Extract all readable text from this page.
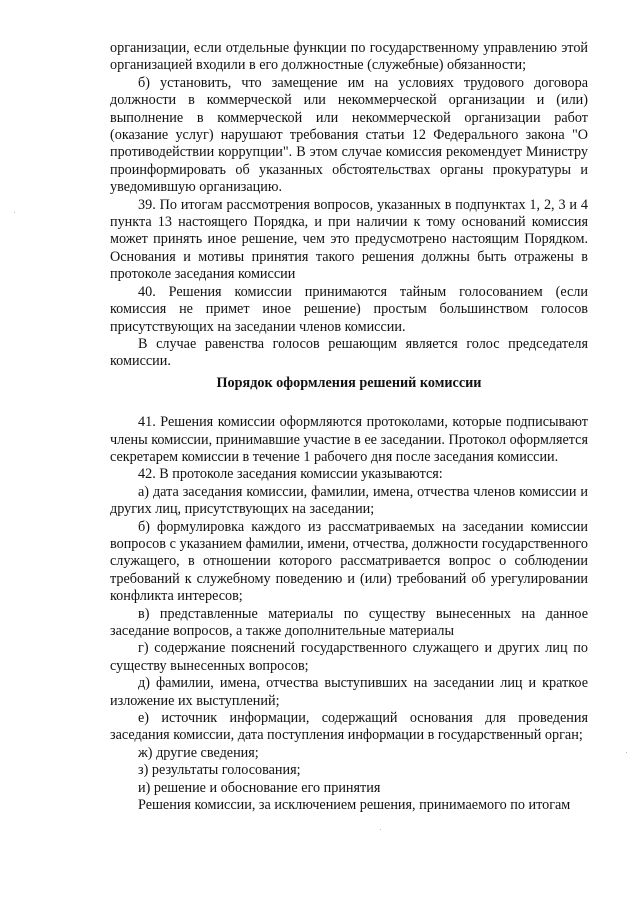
организации, если отдельные функции по государственному управлению этой организацией входили в его должностные (служебные) обязанности;

б) установить, что замещение им на условиях трудового договора должности в коммерческой или некоммерческой организации и (или) выполнение в коммерческой или некоммерческой организации работ (оказание услуг) нарушают требования статьи 12 Федерального закона "О противодействии коррупции". В этом случае комиссия рекомендует Министру проинформировать об указанных обстоятельствах органы прокуратуры и уведомившую организацию.

39. По итогам рассмотрения вопросов, указанных в подпунктах 1, 2, 3 и 4 пункта 13 настоящего Порядка, и при наличии к тому оснований комиссия может принять иное решение, чем это предусмотрено настоящим Порядком. Основания и мотивы принятия такого решения должны быть отражены в протоколе заседания комиссии

40. Решения комиссии принимаются тайным голосованием (если комиссия не примет иное решение) простым большинством голосов присутствующих на заседании членов комиссии.

В случае равенства голосов решающим является голос председателя комиссии.

Порядок оформления решений комиссии

41. Решения комиссии оформляются протоколами, которые подписывают члены комиссии, принимавшие участие в ее заседании. Протокол оформляется секретарем комиссии в течение 1 рабочего дня после заседания комиссии.

42. В протоколе заседания комиссии указываются:

а) дата заседания комиссии, фамилии, имена, отчества членов комиссии и других лиц, присутствующих на заседании;

б) формулировка каждого из рассматриваемых на заседании комиссии вопросов с указанием фамилии, имени, отчества, должности государственного служащего, в отношении которого рассматривается вопрос о соблюдении требований к служебному поведению и (или) требований об урегулировании конфликта интересов;

в) представленные материалы по существу вынесенных на данное заседание вопросов, а также дополнительные материалы

г) содержание пояснений государственного служащего и других лиц по существу вынесенных вопросов;

д) фамилии, имена, отчества выступивших на заседании лиц и краткое изложение их выступлений;

е) источник информации, содержащий основания для проведения заседания комиссии, дата поступления информации в государственный орган;

ж) другие сведения;

з) результаты голосования;

и) решение и обоснование его принятия

Решения комиссии, за исключением решения, принимаемого по итогам
